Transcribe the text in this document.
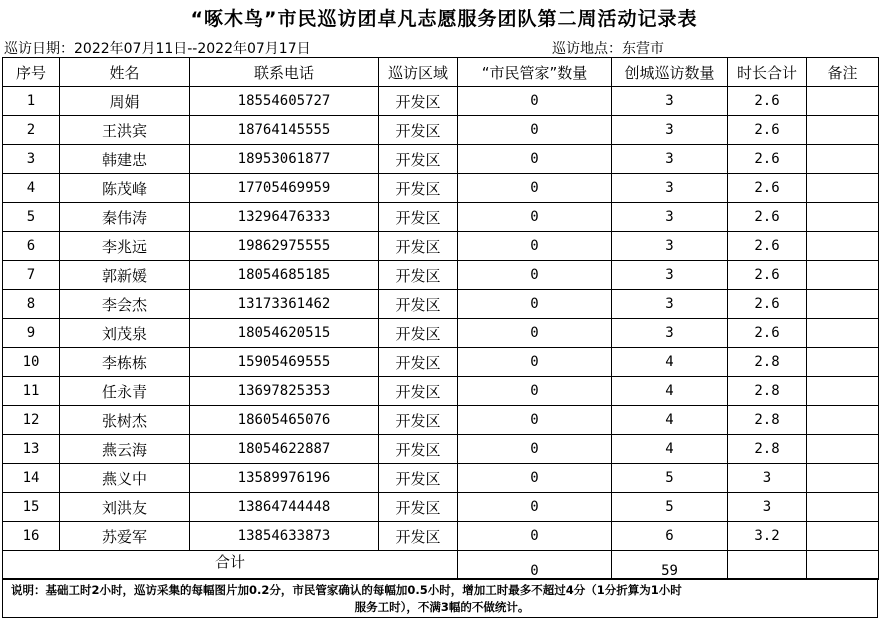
“啄木鸟”市民巡访团卓凡志愿服务团队第二周活动记录表
巡访日期：2022年07月11日--2022年07月17日	巡访地点：东营市
序号	姓名	联系电话	巡访区域	“市民管家”数量	创城巡访数量	时长合计	备注
1	周娟	18554605727	开发区	0	3	2.6	
2	王洪宾	18764145555	开发区	0	3	2.6	
3	韩建忠	18953061877	开发区	0	3	2.6	
4	陈茂峰	17705469959	开发区	0	3	2.6	
5	秦伟涛	13296476333	开发区	0	3	2.6	
6	李兆远	19862975555	开发区	0	3	2.6	
7	郭新媛	18054685185	开发区	0	3	2.6	
8	李会杰	13173361462	开发区	0	3	2.6	
9	刘茂泉	18054620515	开发区	0	3	2.6	
10	李栋栋	15905469555	开发区	0	4	2.8	
11	任永青	13697825353	开发区	0	4	2.8	
12	张树杰	18605465076	开发区	0	4	2.8	
13	燕云海	18054622887	开发区	0	4	2.8	
14	燕义中	13589976196	开发区	0	5	3	
15	刘洪友	13864744448	开发区	0	5	3	
16	苏爱军	13854633873	开发区	0	6	3.2	
合计				0	59		
说明：基础工时2小时，巡访采集的每幅图片加0.2分，市民管家确认的每幅加0.5小时，增加工时最多不超过4分（1分折算为1小时
服务工时），不满3幅的不做统计。
